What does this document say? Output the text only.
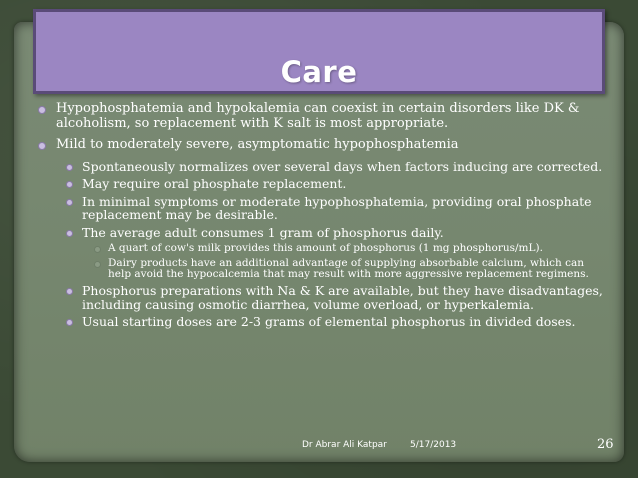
Care
Hypophosphatemia and hypokalemia can coexist in certain disorders like DK & alcoholism, so replacement with K salt is most appropriate.
Mild to moderately severe, asymptomatic hypophosphatemia
Spontaneously normalizes over several days when factors inducing are corrected.
May require oral phosphate replacement.
In minimal symptoms or moderate hypophosphatemia, providing oral phosphate replacement may be desirable.
The average adult consumes 1 gram of phosphorus daily.
A quart of cow's milk provides this amount of phosphorus (1 mg phosphorus/mL).
Dairy products have an additional advantage of supplying absorbable calcium, which can help avoid the hypocalcemia that may result with more aggressive replacement regimens.
Phosphorus preparations with Na & K are available, but they have disadvantages, including causing osmotic diarrhea, volume overload, or hyperkalemia.
Usual starting doses are 2-3 grams of elemental phosphorus in divided doses.
Dr Abrar Ali Katpar	5/17/2013	26
